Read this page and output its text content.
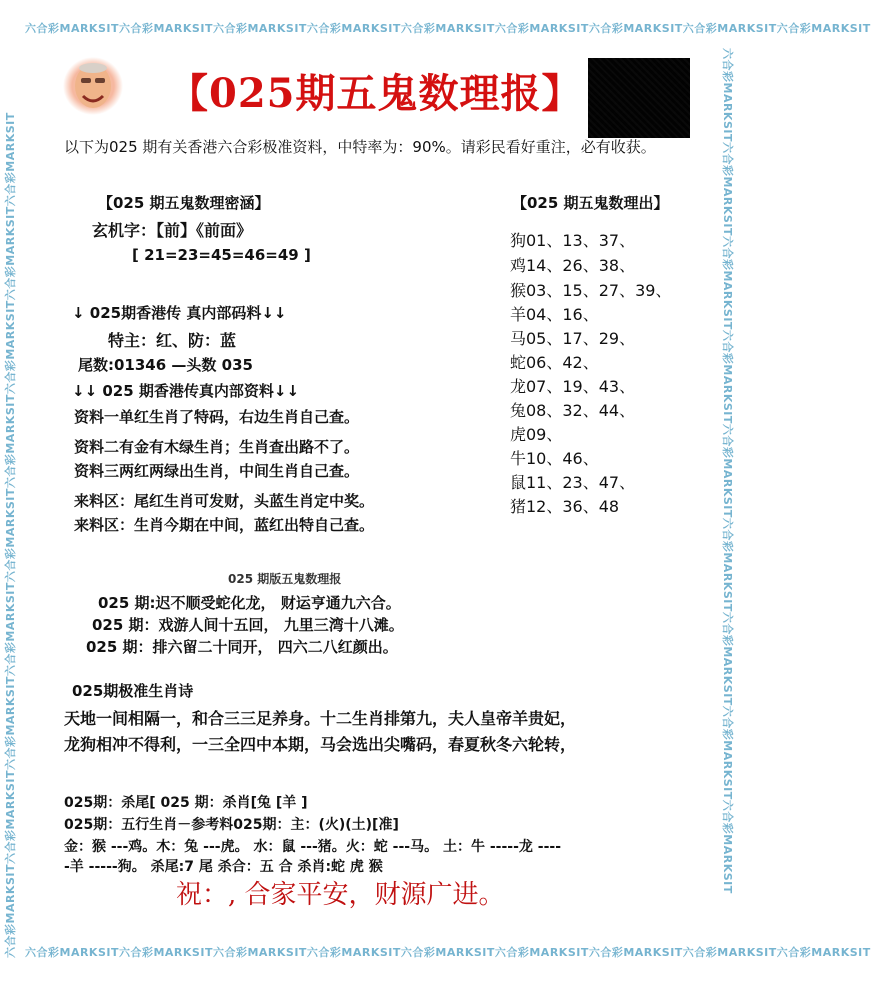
六合彩MARKSIT六合彩MARKSIT六合彩MARKSIT六合彩MARKSIT六合彩MARKSIT六合彩MARKSIT六合彩MARKSIT六合彩MARKSIT六合彩MARKSIT
六合彩MARKSIT六合彩MARKSIT六合彩MARKSIT六合彩MARKSIT六合彩MARKSIT六合彩MARKSIT六合彩MARKSIT六合彩MARKSIT六合彩MARKSIT
六合彩MARKSIT六合彩MARKSIT六合彩MARKSIT六合彩MARKSIT六合彩MARKSIT六合彩MARKSIT六合彩MARKSIT六合彩MARKSIT六合彩MARKSIT	六合彩MARKSIT六合彩MARKSIT六合彩MARKSIT六合彩MARKSIT六合彩MARKSIT六合彩MARKSIT六合彩MARKSIT六合彩MARKSIT六合彩MARKSIT
【025期五鬼数理报】
以下为025 期有关香港六合彩极准资料，中特率为：90%。请彩民看好重注，必有收获。
【025 期五鬼数理密涵】
玄机字：【前】《前面》
[ 21=23=45=46=49 ]
↓ 025期香港传 真内部码料↓↓
特主：红、防：蓝
尾数:01346 —头数 035
↓↓ 025 期香港传真内部资料↓↓
资料一单红生肖了特码，右边生肖自己查。
资料二有金有木绿生肖；生肖查出路不了。
资料三两红两绿出生肖，中间生肖自己查。
来料区：尾红生肖可发财，头蓝生肖定中奖。
来料区：生肖今期在中间，蓝红出特自己查。
【025 期五鬼数理出】
狗01、13、37、
鸡14、26、38、
猴03、15、27、39、
羊04、16、
马05、17、29、
蛇06、42、
龙07、19、43、
兔08、32、44、
虎09、
牛10、46、
鼠11、23、47、
猪12、36、48
025 期版五鬼数理报
025 期:迟不顺受蛇化龙， 财运亨通九六合。
025 期：戏游人间十五回， 九里三湾十八滩。
025 期：排六留二十同开， 四六二八红颜出。
025期极准生肖诗
天地一间相隔一，和合三三足养身。十二生肖排第九，夫人皇帝羊贵妃，
龙狗相冲不得利，一三全四中本期，马会选出尖嘴码，春夏秋冬六轮转，
025期：杀尾[ 025 期：杀肖[兔 [羊 ]
025期：五行生肖－参考料025期：主：(火)(土)[准]
金：猴 ---鸡。木：兔 ---虎。 水：鼠 ---猪。火：蛇 ---马。 土：牛 -----龙 ----
-羊 -----狗。 杀尾:7 尾 杀合：五 合 杀肖:蛇 虎 猴
祝：, 合家平安，财源广进。
